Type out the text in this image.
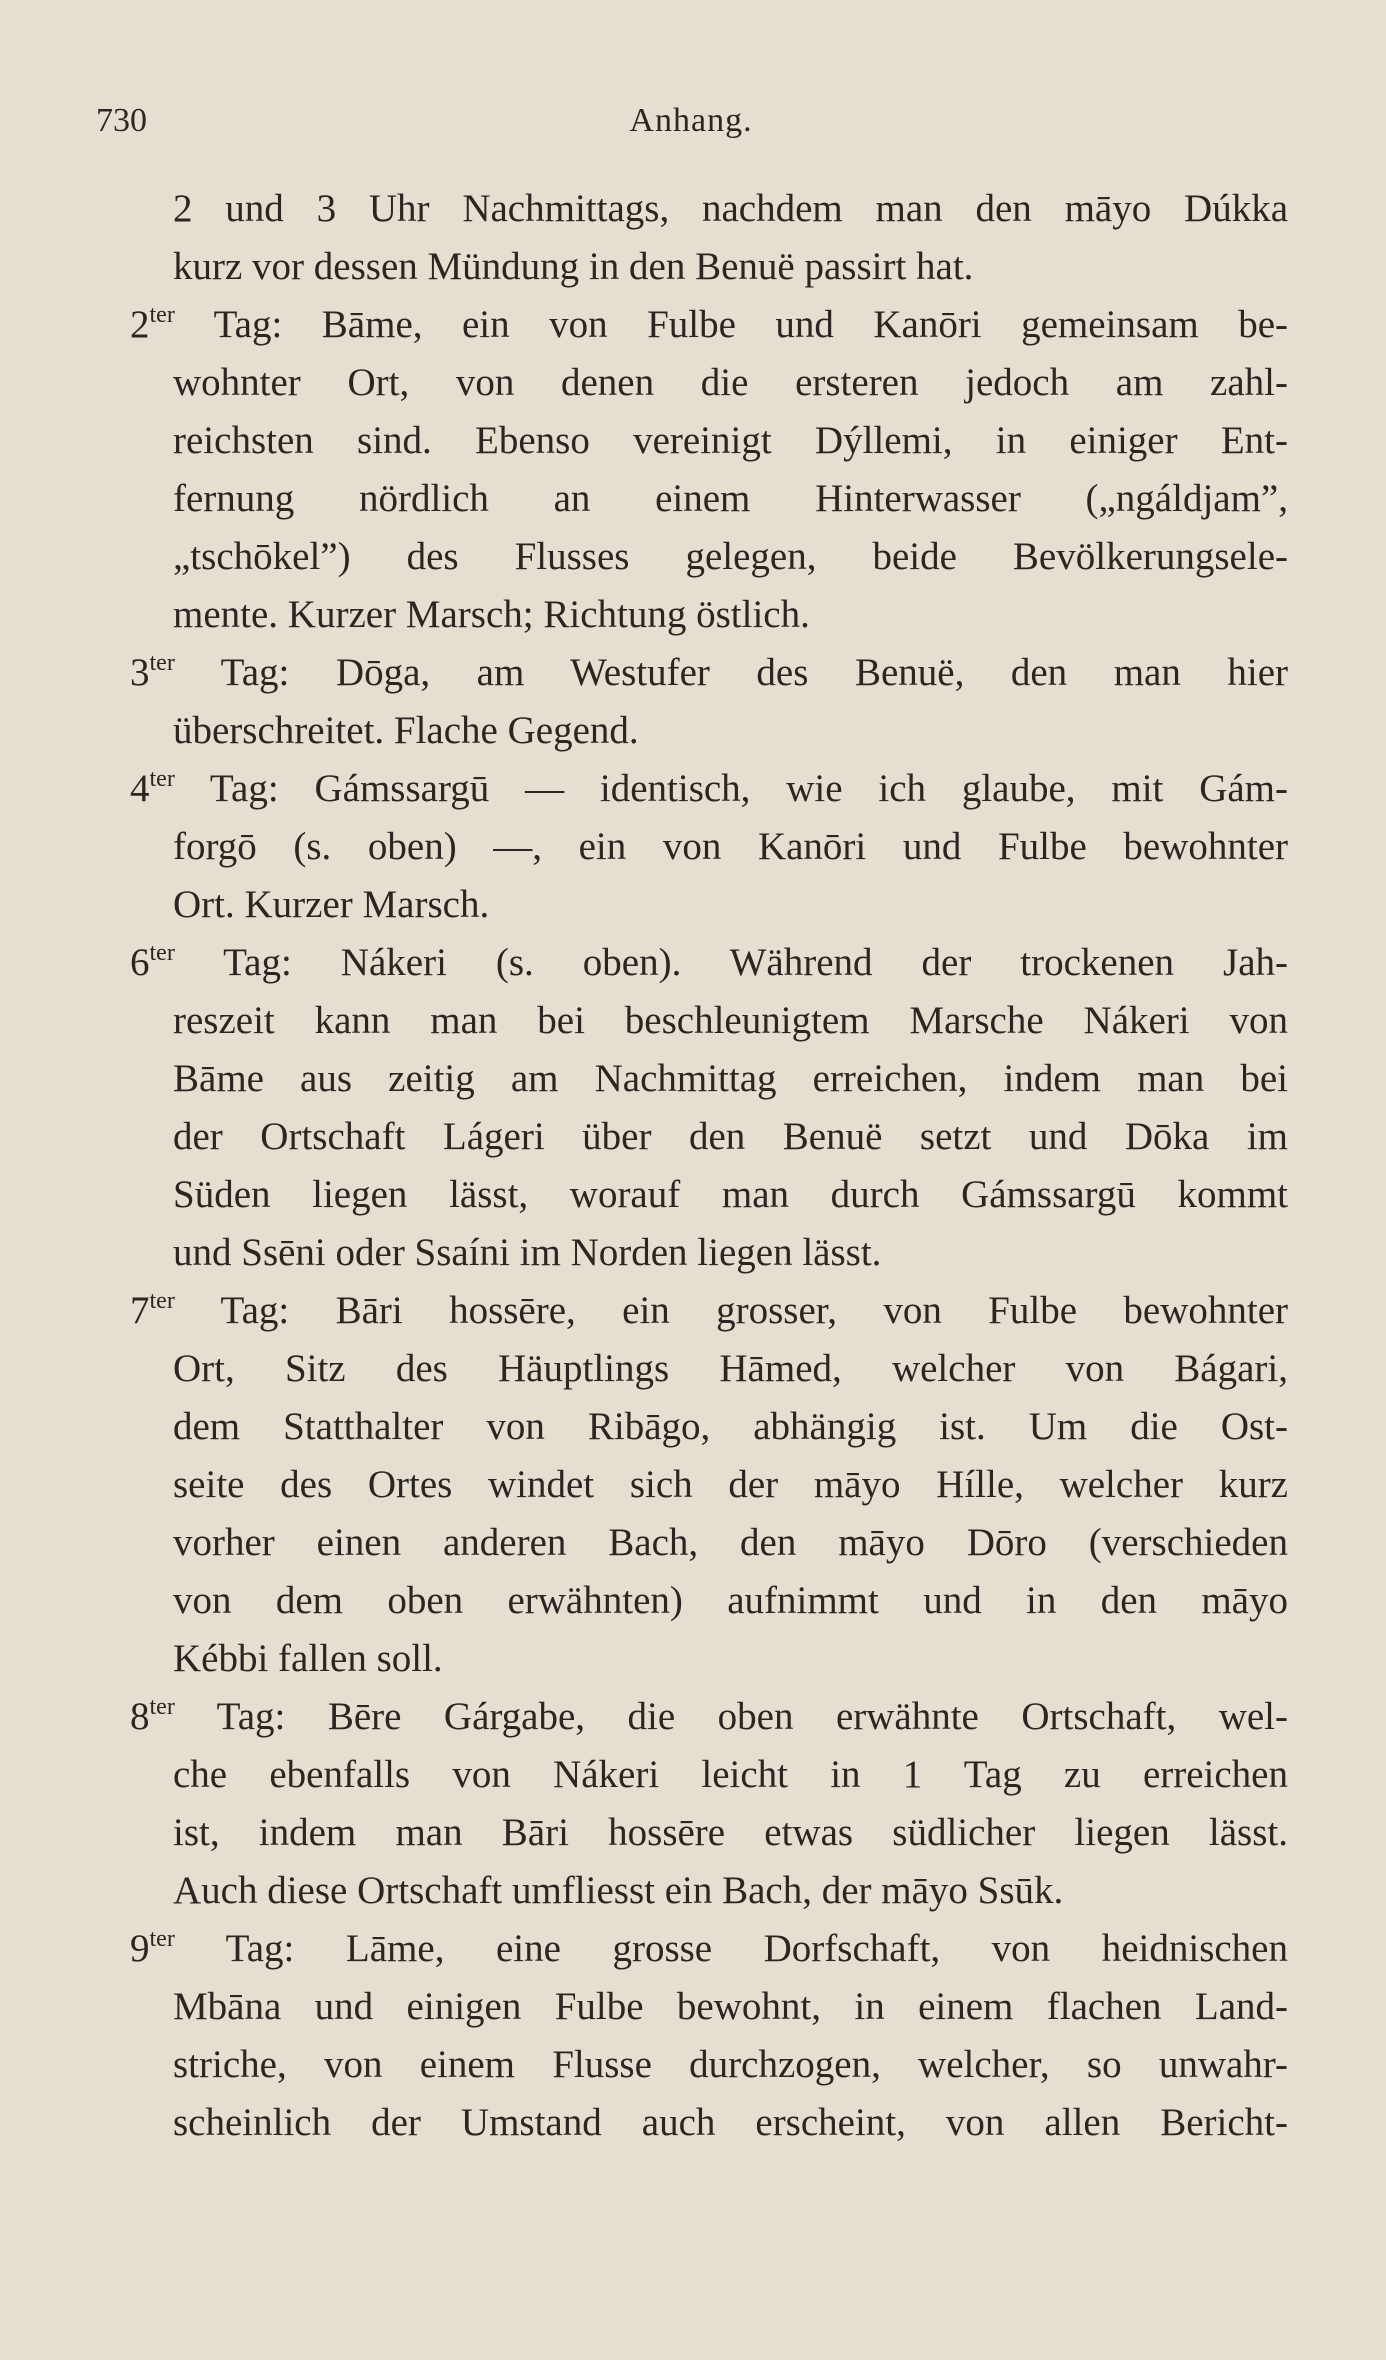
730	Anhang.
2 und 3 Uhr Nachmittags, nachdem man den māyo Dúkka
kurz vor dessen Mündung in den Benuë passirt hat.
$2^{ter}$ Tag: Bāme, ein von Fulbe und Kanōri gemeinsam be-
wohnter Ort, von denen die ersteren jedoch am zahl-
reichsten sind. Ebenso vereinigt Dýllemi, in einiger Ent-
fernung nördlich an einem Hinterwasser („ngáldjam”,
„tschōkel”) des Flusses gelegen, beide Bevölkerungsele-
mente. Kurzer Marsch; Richtung östlich.
$3^{ter}$ Tag: Dōga, am Westufer des Benuë, den man hier
überschreitet. Flache Gegend.
$4^{ter}$ Tag: Gámssargū — identisch, wie ich glaube, mit Gám-
forgō (s. oben) —, ein von Kanōri und Fulbe bewohnter
Ort. Kurzer Marsch.
$6^{ter}$ Tag: Nákeri (s. oben). Während der trockenen Jah-
reszeit kann man bei beschleunigtem Marsche Nákeri von
Bāme aus zeitig am Nachmittag erreichen, indem man bei
der Ortschaft Lágeri über den Benuë setzt und Dōka im
Süden liegen lässt, worauf man durch Gámssargū kommt
und Ssēni oder Ssaíni im Norden liegen lässt.
$7^{ter}$ Tag: Bāri hossēre, ein grosser, von Fulbe bewohnter
Ort, Sitz des Häuptlings Hāmed, welcher von Bágari,
dem Statthalter von Ribāgo, abhängig ist. Um die Ost-
seite des Ortes windet sich der māyo Hílle, welcher kurz
vorher einen anderen Bach, den māyo Dōro (verschieden
von dem oben erwähnten) aufnimmt und in den māyo
Kébbi fallen soll.
$8^{ter}$ Tag: Bēre Gárgabe, die oben erwähnte Ortschaft, wel-
che ebenfalls von Nákeri leicht in 1 Tag zu erreichen
ist, indem man Bāri hossēre etwas südlicher liegen lässt.
Auch diese Ortschaft umfliesst ein Bach, der māyo Ssūk.
$9^{ter}$ Tag: Lāme, eine grosse Dorfschaft, von heidnischen
Mbāna und einigen Fulbe bewohnt, in einem flachen Land-
striche, von einem Flusse durchzogen, welcher, so unwahr-
scheinlich der Umstand auch erscheint, von allen Bericht-
